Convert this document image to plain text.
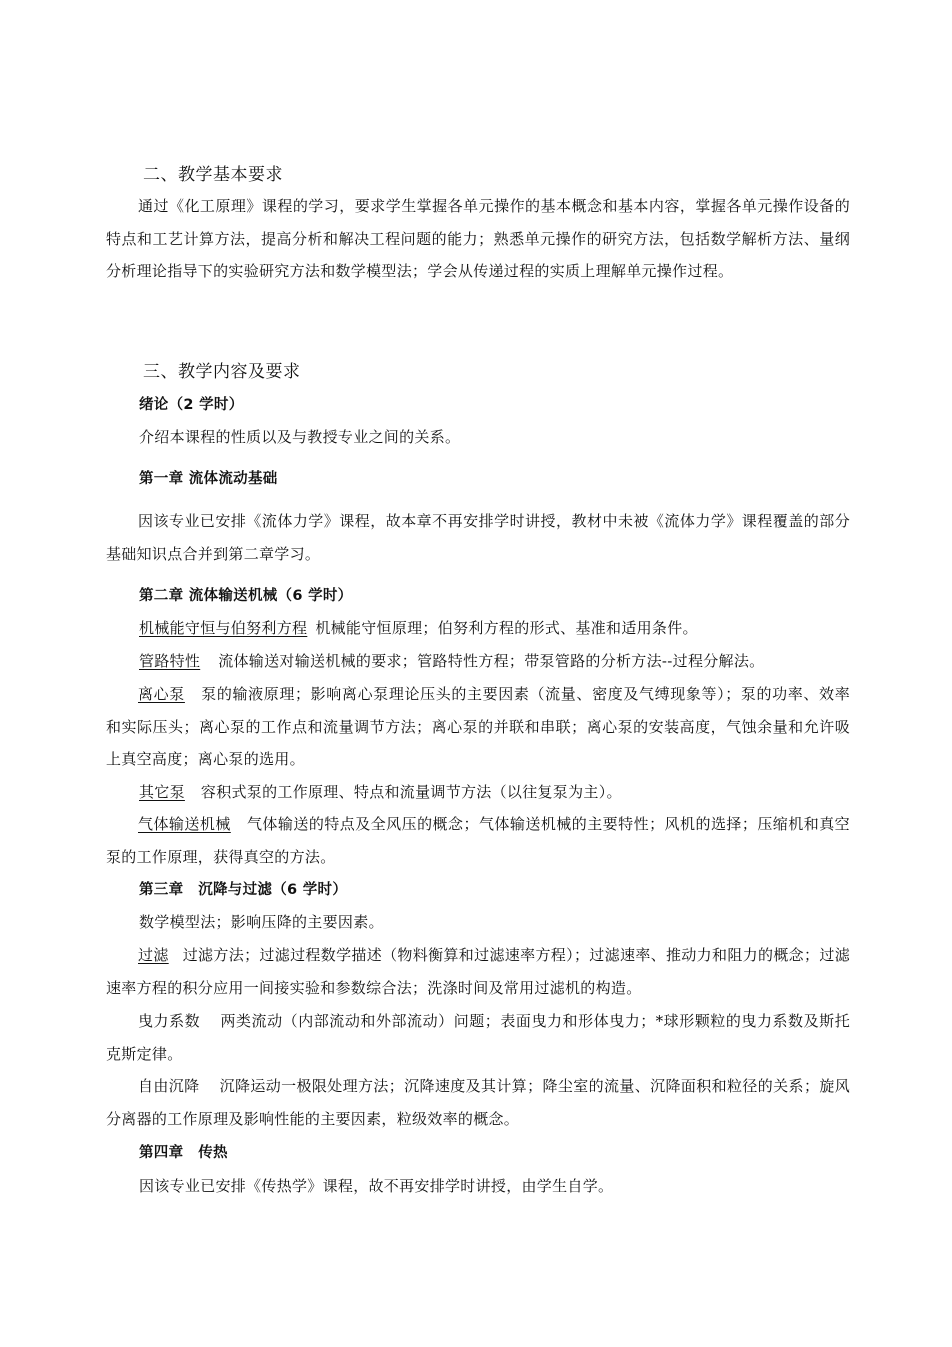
二、教学基本要求

通过《化工原理》课程的学习，要求学生掌握各单元操作的基本概念和基本内容，掌握各单元操作设备的特点和工艺计算方法，提高分析和解决工程问题的能力；熟悉单元操作的研究方法，包括数学解析方法、量纲分析理论指导下的实验研究方法和数学模型法；学会从传递过程的实质上理解单元操作过程。

三、教学内容及要求
绪论（2 学时）
介绍本课程的性质以及与教授专业之间的关系。
第一章 流体流动基础

因该专业已安排《流体力学》课程，故本章不再安排学时讲授，教材中未被《流体力学》课程覆盖的部分基础知识点合并到第二章学习。

第二章 流体输送机械（6 学时）
机械能守恒与伯努利方程 机械能守恒原理；伯努利方程的形式、基准和适用条件。
管路特性 流体输送对输送机械的要求；管路特性方程；带泵管路的分析方法--过程分解法。

离心泵 泵的输液原理；影响离心泵理论压头的主要因素（流量、密度及气缚现象等）；泵的功率、效率和实际压头；离心泵的工作点和流量调节方法；离心泵的并联和串联；离心泵的安装高度，气蚀余量和允许吸上真空高度；离心泵的选用。

其它泵 容积式泵的工作原理、特点和流量调节方法（以往复泵为主）。

气体输送机械 气体输送的特点及全风压的概念；气体输送机械的主要特性；风机的选择；压缩机和真空泵的工作原理，获得真空的方法。

第三章　沉降与过滤（6 学时）
数学模型法；影响压降的主要因素。

过滤 过滤方法；过滤过程数学描述（物料衡算和过滤速率方程）；过滤速率、推动力和阻力的概念；过滤速率方程的积分应用一间接实验和参数综合法；洗涤时间及常用过滤机的构造。

曳力系数 两类流动（内部流动和外部流动）问题；表面曳力和形体曳力；*球形颗粒的曳力系数及斯托克斯定律。

自由沉降 沉降运动一极限处理方法；沉降速度及其计算；降尘室的流量、沉降面积和粒径的关系；旋风分离器的工作原理及影响性能的主要因素，粒级效率的概念。

第四章　传热
因该专业已安排《传热学》课程，故不再安排学时讲授，由学生自学。
